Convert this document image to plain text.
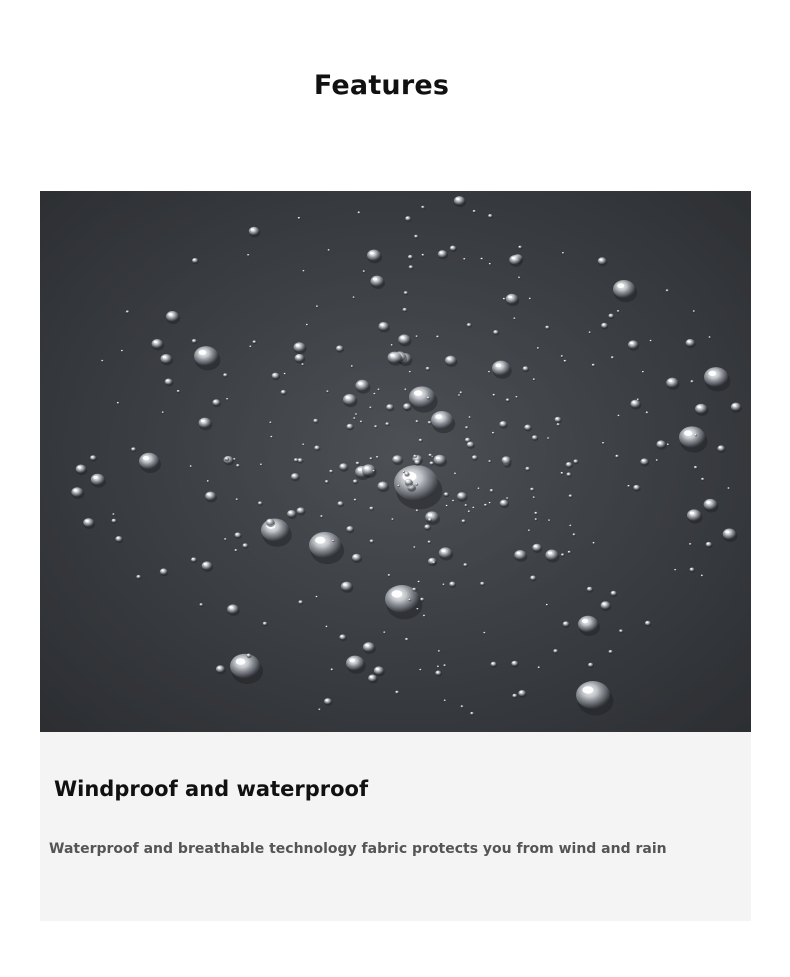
Features
Windproof and waterproof

Waterproof and breathable technology fabric protects you from wind and rain
